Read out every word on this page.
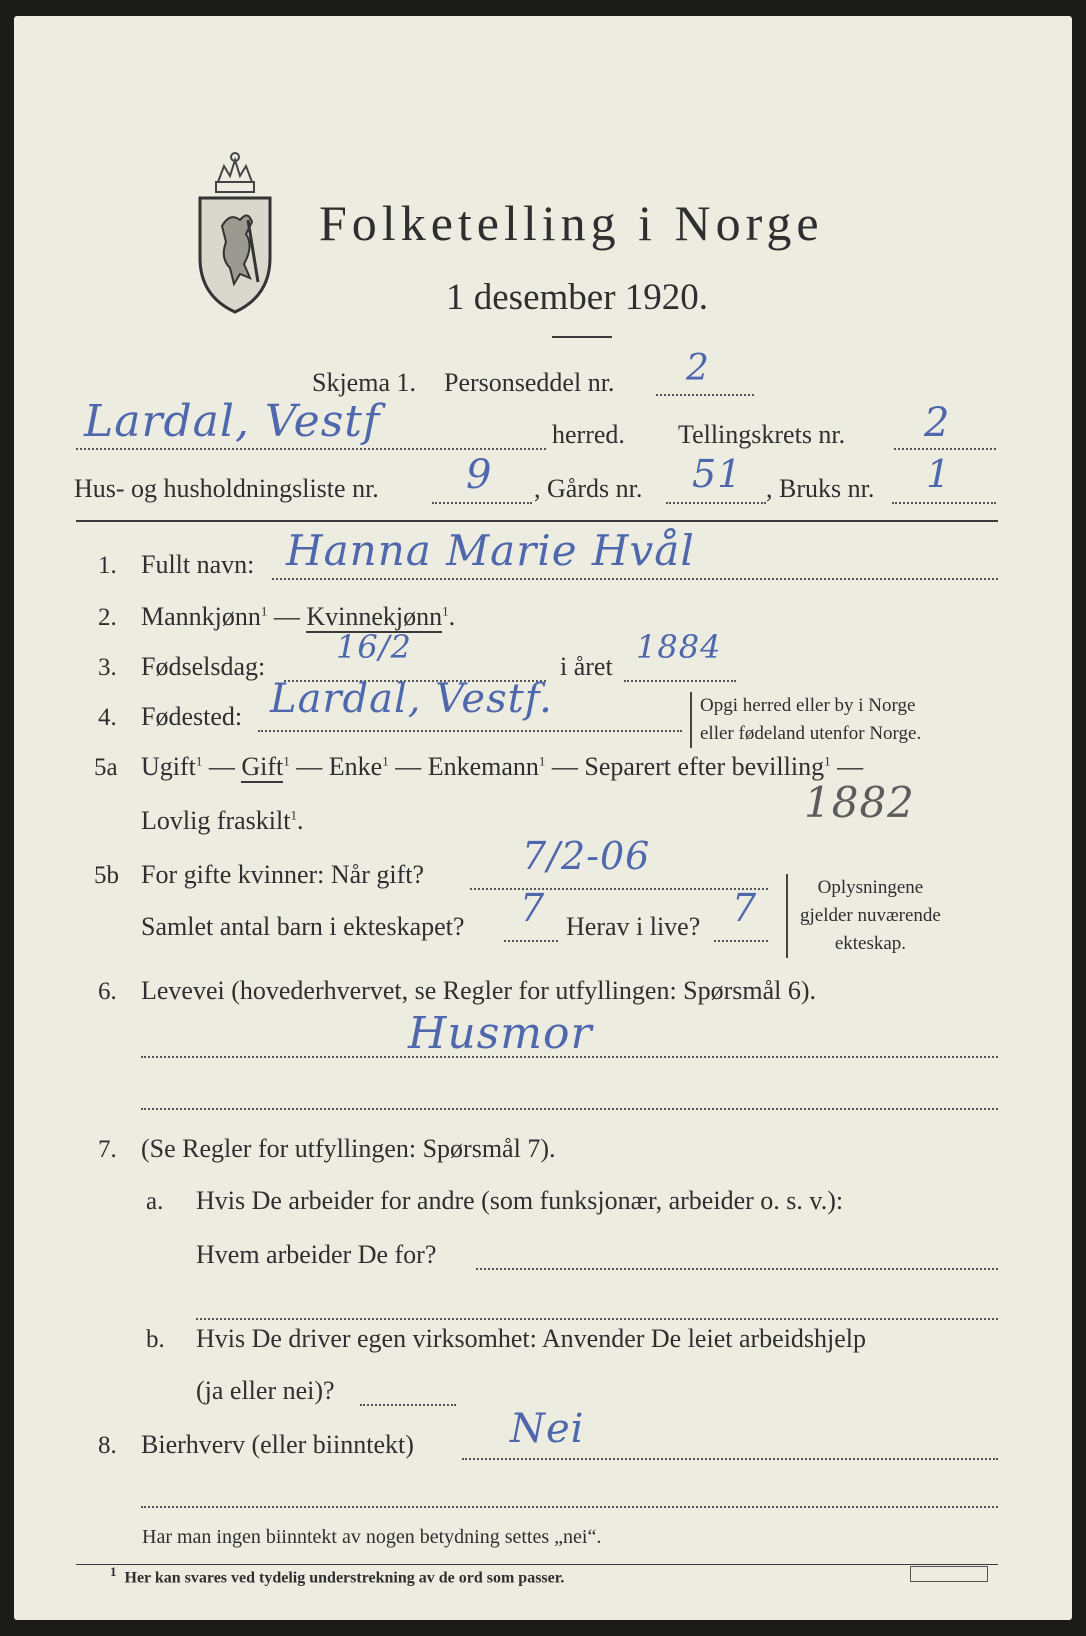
Folketelling i Norge
1 desember 1920.
Skjema 1. Personseddel nr. 2
Lardal, Vestf	herred. Tellingskrets nr. 2
Hus- og husholdningsliste nr. 9 , Gårds nr. 51 , Bruks nr. 1
1. Fullt navn: Hanna Marie Hvål
2. Mannkjønn$^1$ — Kvinnekjønn$^1$.
3. Fødselsdag:
16/2
i året
1884
4. Fødested: Lardal, Vestf.	Opgi herred eller by i Norge
eller fødeland utenfor Norge.
5a Ugift$^1$ — Gift$^1$ — Enke$^1$ — Enkemann$^1$ — Separert efter bevilling$^1$ —
Lovlig fraskilt$^1$.	1882
5b For gifte kvinner: Når gift?	7/2-06
Samlet antal barn i ekteskapet? 7 Herav i live? 7	Oplysningene
gjelder nuværende
ekteskap.
6. Levevei (hovederhvervet, se Regler for utfyllingen: Spørsmål 6).
Husmor
7. (Se Regler for utfyllingen: Spørsmål 7).
a. Hvis De arbeider for andre (som funksjonær, arbeider o. s. v.):
Hvem arbeider De for?
b. Hvis De driver egen virksomhet: Anvender De leiet arbeidshjelp
(ja eller nei)?
8. Bierhverv (eller biinntekt) Nei
Har man ingen biinntekt av nogen betydning settes „nei“.
$^1$ Her kan svares ved tydelig understrekning av de ord som passer.
